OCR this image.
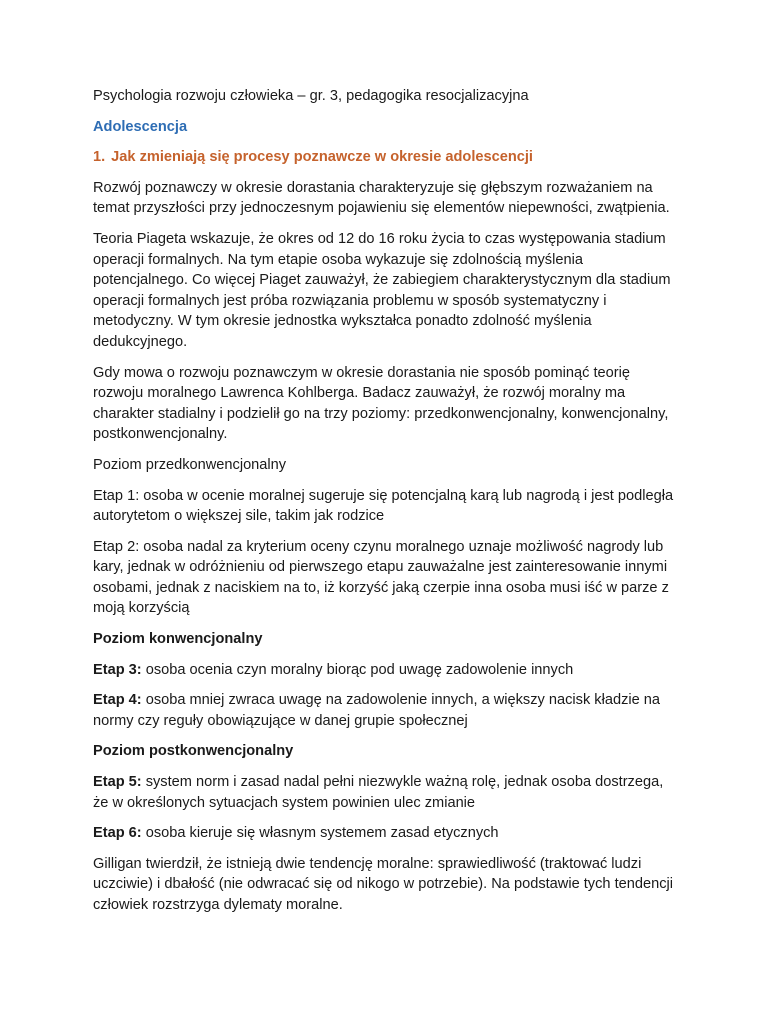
Psychologia rozwoju człowieka – gr. 3, pedagogika resocjalizacyjna

Adolescencja

1. Jak zmieniają się procesy poznawcze w okresie adolescencji

Rozwój poznawczy w okresie dorastania charakteryzuje się głębszym rozważaniem na temat przyszłości przy jednoczesnym pojawieniu się elementów niepewności, zwątpienia.

Teoria Piageta wskazuje, że okres od 12 do 16 roku życia to czas występowania stadium operacji formalnych. Na tym etapie osoba wykazuje się zdolnością myślenia potencjalnego. Co więcej Piaget zauważył, że zabiegiem charakterystycznym dla stadium operacji formalnych jest próba rozwiązania problemu w sposób systematyczny i metodyczny. W tym okresie jednostka wykształca ponadto zdolność myślenia dedukcyjnego.

Gdy mowa o rozwoju poznawczym w okresie dorastania nie sposób pominąć teorię rozwoju moralnego Lawrenca Kohlberga. Badacz zauważył, że rozwój moralny ma charakter stadialny i podzielił go na trzy poziomy: przedkonwencjonalny, konwencjonalny, postkonwencjonalny.

Poziom przedkonwencjonalny

Etap 1: osoba w ocenie moralnej sugeruje się potencjalną karą lub nagrodą i jest podległa autorytetom o większej sile, takim jak rodzice

Etap 2: osoba nadal za kryterium oceny czynu moralnego uznaje możliwość nagrody lub kary, jednak w odróżnieniu od pierwszego etapu zauważalne jest zainteresowanie innymi osobami, jednak z naciskiem na to, iż korzyść jaką czerpie inna osoba musi iść w parze z moją korzyścią

Poziom konwencjonalny

Etap 3: osoba ocenia czyn moralny biorąc pod uwagę zadowolenie innych

Etap 4: osoba mniej zwraca uwagę na zadowolenie innych, a większy nacisk kładzie na normy czy reguły obowiązujące w danej grupie społecznej

Poziom postkonwencjonalny

Etap 5: system norm i zasad nadal pełni niezwykle ważną rolę, jednak osoba dostrzega, że w określonych sytuacjach system powinien ulec zmianie

Etap 6: osoba kieruje się własnym systemem zasad etycznych

Gilligan twierdził, że istnieją dwie tendencję moralne: sprawiedliwość (traktować ludzi uczciwie) i dbałość (nie odwracać się od nikogo w potrzebie). Na podstawie tych tendencji człowiek rozstrzyga dylematy moralne.
